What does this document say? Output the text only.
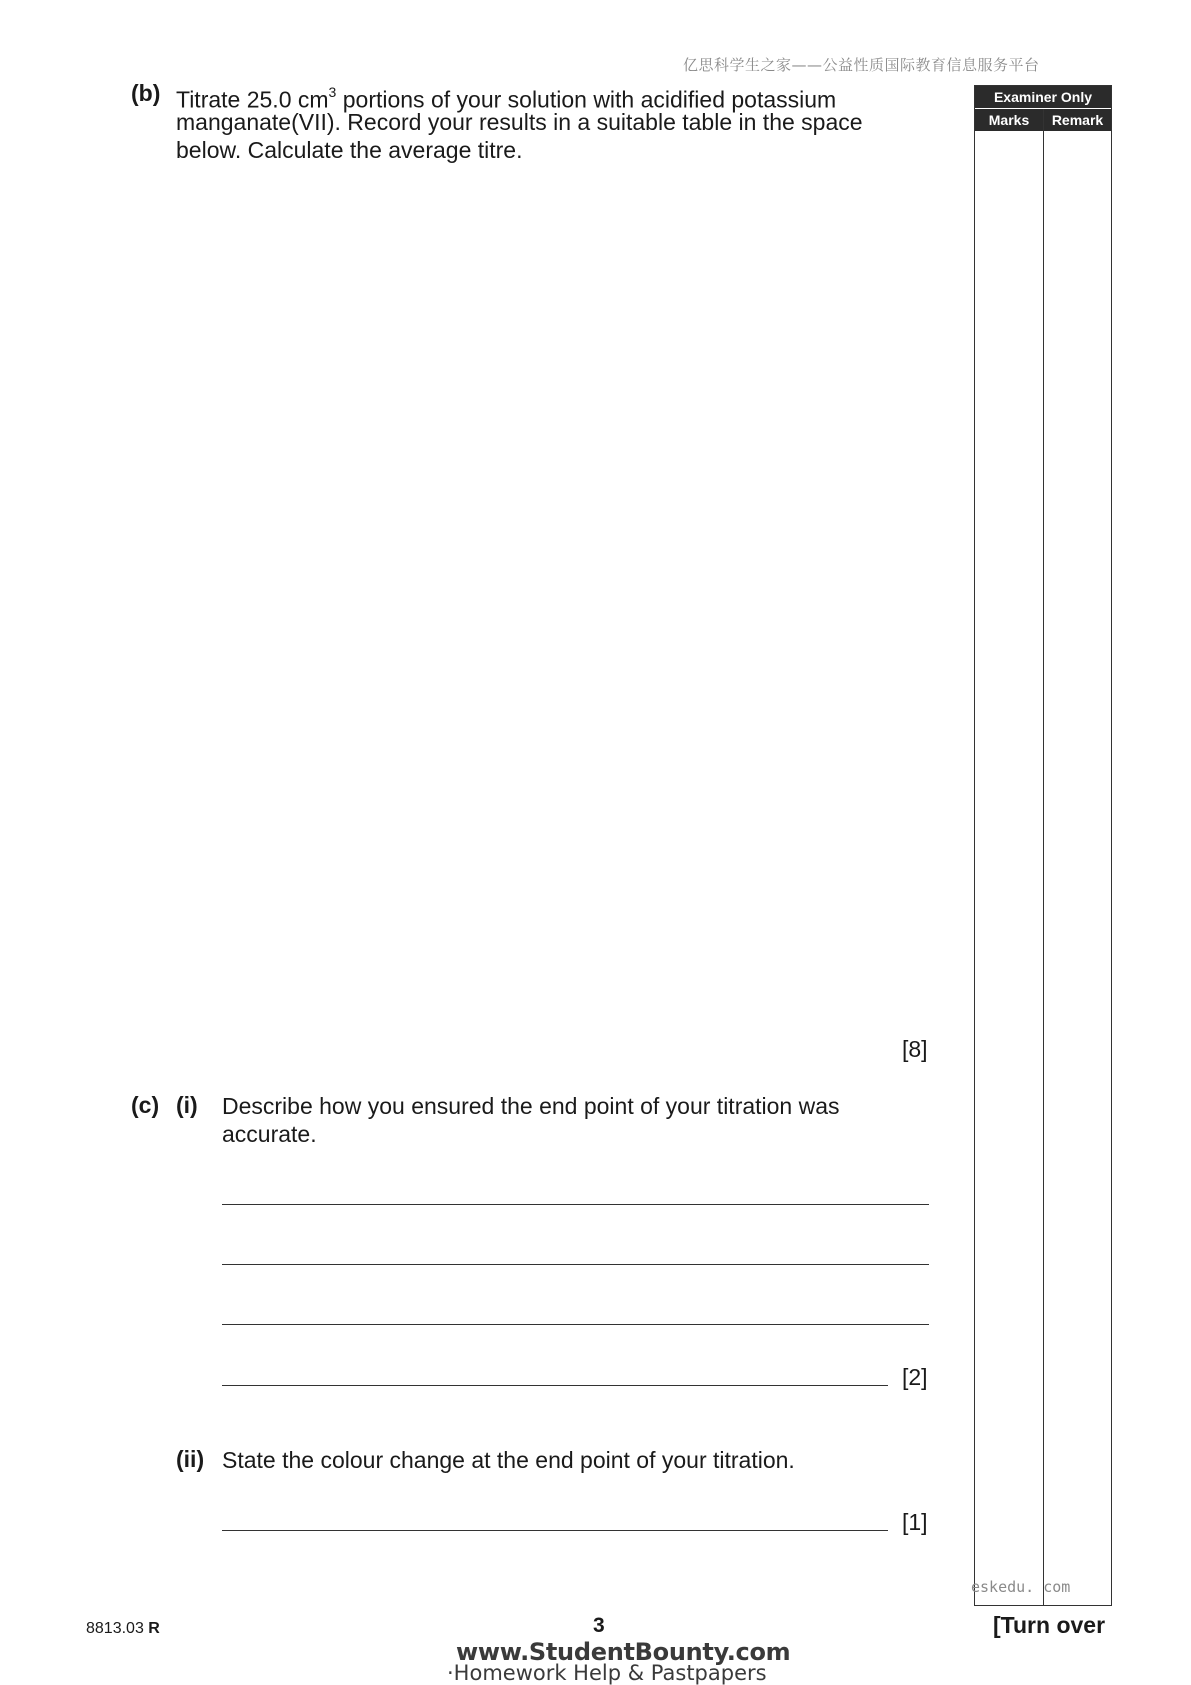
亿思科学生之家——公益性质国际教育信息服务平台
(b) Titrate 25.0 $cm^3$ portions of your solution with acidified potassium
manganate(VII). Record your results in a suitable table in the space
below. Calculate the average titre.
[8]
(c) (i) Describe how you ensured the end point of your titration was
accurate.
[2]
(ii) State the colour change at the end point of your titration.
[1]
Examiner Only
Marks	Remark
eskedu. com
8813.03 R	3	[Turn over
www.StudentBounty.com
·Homework Help & Pastpapers
